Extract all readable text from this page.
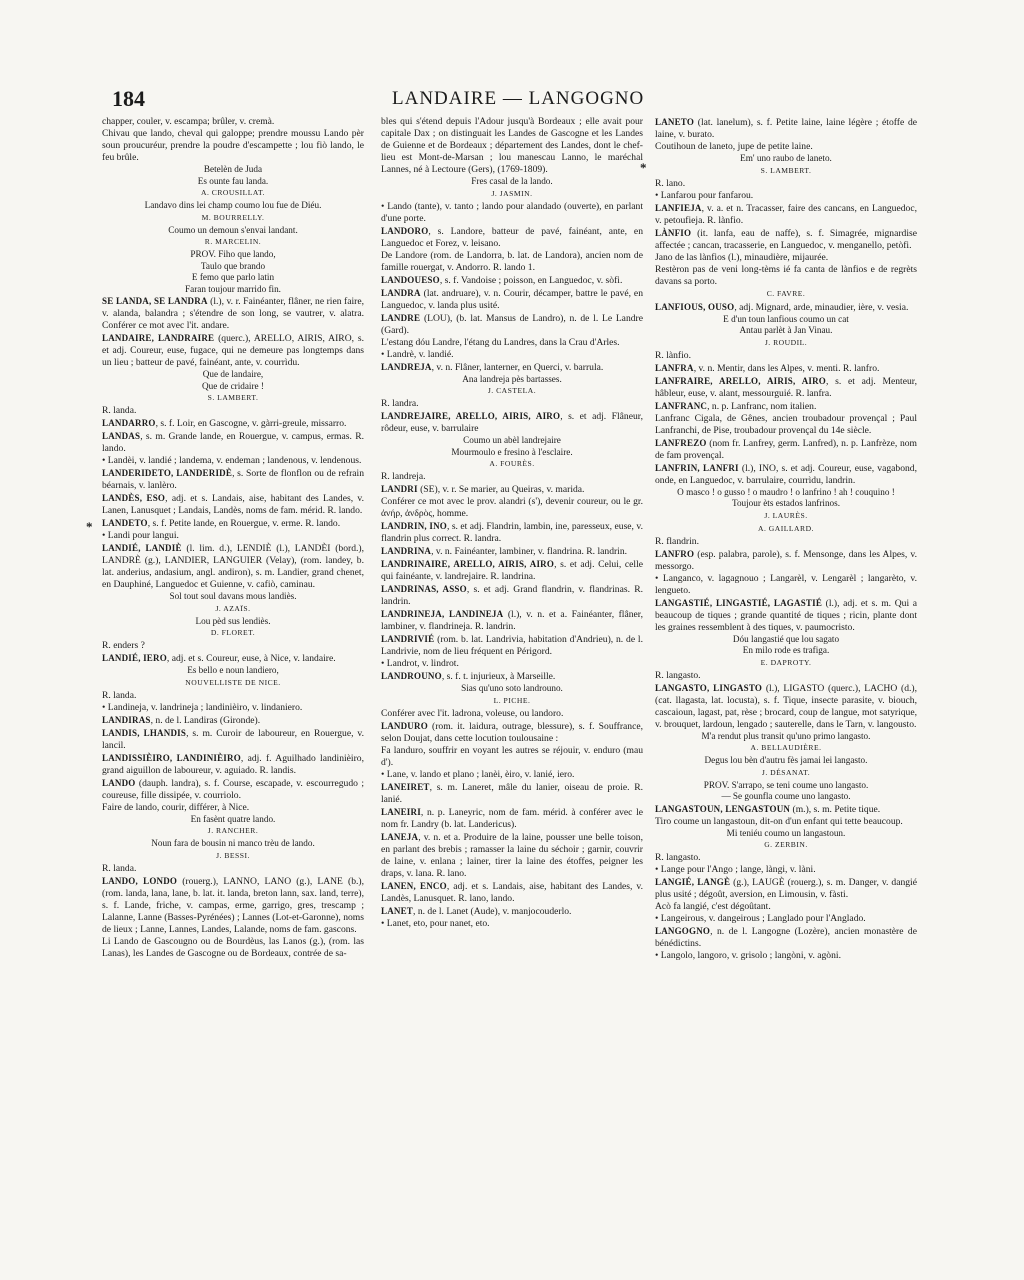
184	LANDAIRE — LANGOGNO
*
*

chapper, couler, v. escampa; brûler, v. cremà.

Chivau que lando, cheval qui galoppe; prendre moussu Lando pèr soun proucuréur, prendre la poudre d'escampette ; lou fiò lando, le feu brûle.

Betelèn de Juda

Es ounte fau landa.

A. CROUSILLAT.

Landavo dins lei champ coumo lou fue de Diéu.

M. BOURRELLY.

Coumo un demoun s'envai landant.

R. MARCELIN.

PROV. Fiho que lando,

Taulo que brando

E femo que parlo latin

Faran toujour marrido fin.

SE LANDA, SE LANDRA (l.), v. r. Fainéanter, flâner, ne rien faire, v. alanda, balandra ; s'étendre de son long, se vautrer, v. alatra. Conférer ce mot avec l'it. andare.

LANDAIRE, LANDRAIRE (querc.), ARELLO, AIRIS, AIRO, s. et adj. Coureur, euse, fugace, qui ne demeure pas longtemps dans un lieu ; batteur de pavé, fainéant, ante, v. courrìdu.

Que de landaire,

Que de cridaire !

S. LAMBERT.

R. landa.

LANDARRO, s. f. Loir, en Gascogne, v. gàrri-greule, missarro.

LANDAS, s. m. Grande lande, en Rouergue, v. campus, ermas. R. lando.

• Landèi, v. landié ; landema, v. endeman ; landenous, v. lendenous.

LANDERIDETO, LANDERIDÈ, s. Sorte de flonflon ou de refrain béarnais, v. lanlèro.

LANDÈS, ESO, adj. et s. Landais, aise, habitant des Landes, v. Lanen, Lanusquet ; Landais, Landès, noms de fam. mérid. R. lando.

LANDETO, s. f. Petite lande, en Rouergue, v. erme. R. lando.

• Landi pour langui.

LANDIÉ, LANDIÈ (l. lim. d.), LENDIÈ (l.), LANDÈI (bord.), LANDRÈ (g.), LANDIER, LANGUIER (Velay), (rom. landey, b. lat. anderius, andasium, angl. andiron), s. m. Landier, grand chenet, en Dauphiné, Languedoc et Guienne, v. cafiò, caminau.

Sol tout soul davans mous landiès.

J. AZAÏS.

Lou pèd sus lendiès.

D. FLORET.

R. enders ?

LANDIÉ, IERO, adj. et s. Coureur, euse, à Nice, v. landaire.

Es bello e noun landiero,

NOUVELLISTE DE NICE.

R. landa.

• Landineja, v. landrineja ; landinièiro, v. lindaniero.

LANDIRAS, n. de l. Landiras (Gironde).

LANDIS, LHANDIS, s. m. Curoir de laboureur, en Rouergue, v. lancil.

LANDISSIÈIRO, LANDINIÈIRO, adj. f. Aguilhado landinièiro, grand aiguillon de laboureur, v. aguiado. R. landis.

LANDO (dauph. landra), s. f. Course, escapade, v. escourregudo ; coureuse, fille dissipée, v. courriolo.

Faire de lando, courir, différer, à Nice.

En fasènt quatre lando.

J. RANCHER.

Noun fara de bousin ni manco trèu de lando.

J. BESSI.

R. landa.

LANDO, LONDO (rouerg.), LANNO, LANO (g.), LANE (b.), (rom. landa, lana, lane, b. lat. it. landa, breton lann, sax. land, terre), s. f. Lande, friche, v. campas, erme, garrigo, gres, trescamp ; Lalanne, Lanne (Basses-Pyrénées) ; Lannes (Lot-et-Garonne), noms de lieux ; Lanne, Lannes, Landes, Lalande, noms de fam. gascons.

Li Lando de Gascougno ou de Bourdèus, las Lanos (g.), (rom. las Lanas), les Landes de Gascogne ou de Bordeaux, contrée de sa-

bles qui s'étend depuis l'Adour jusqu'à Bordeaux ; elle avait pour capitale Dax ; on distinguait les Landes de Gascogne et les Landes de Guienne et de Bordeaux ; département des Landes, dont le chef-lieu est Mont-de-Marsan ; lou manescau Lanno, le maréchal Lannes, né à Lectoure (Gers), (1769-1809).

Fres casal de la lando.

J. JASMIN.

• Lando (tante), v. tanto ; lando pour alandado (ouverte), en parlant d'une porte.

LANDORO, s. Landore, batteur de pavé, fainéant, ante, en Languedoc et Forez, v. leisano.

De Landore (rom. de Landorra, b. lat. de Landora), ancien nom de famille rouergat, v. Andorro. R. lando 1.

LANDOUESO, s. f. Vandoise ; poisson, en Languedoc, v. sòfi.

LANDRA (lat. andruare), v. n. Courir, décamper, battre le pavé, en Languedoc, v. landa plus usité.

LANDRE (LOU), (b. lat. Mansus de Landro), n. de l. Le Landre (Gard).

L'estang dóu Landre, l'étang du Landres, dans la Crau d'Arles.

• Landrè, v. landié.

LANDREJA, v. n. Flâner, lanterner, en Querci, v. barrula.

Ana landreja pès bartasses.

J. CASTELA.

R. landra.

LANDREJAIRE, ARELLO, AIRIS, AIRO, s. et adj. Flâneur, rôdeur, euse, v. barrulaire

Coumo un abèl landrejaire

Mourmoulo e fresino à l'esclaire.

A. FOURÈS.

R. landreja.

LANDRI (SE), v. r. Se marier, au Queiras, v. marida.

Conférer ce mot avec le prov. alandri (s'), devenir coureur, ou le gr. ἀνήρ, ἀνδρὸς, homme.

LANDRIN, INO, s. et adj. Flandrin, lambin, ine, paresseux, euse, v. flandrin plus correct. R. landra.

LANDRINA, v. n. Fainéanter, lambiner, v. flandrina. R. landrin.

LANDRINAIRE, ARELLO, AIRIS, AIRO, s. et adj. Celui, celle qui fainéante, v. landrejaire. R. landrina.

LANDRINAS, ASSO, s. et adj. Grand flandrin, v. flandrinas. R. landrin.

LANDRINEJA, LANDINEJA (l.), v. n. et a. Fainéanter, flâner, lambiner, v. flandrineja. R. landrin.

LANDRIVIÉ (rom. b. lat. Landrivia, habitation d'Andrieu), n. de l. Landrivie, nom de lieu fréquent en Périgord.

• Landrot, v. lindrot.

LANDROUNO, s. f. t. injurieux, à Marseille.

Sias qu'uno soto landrouno.

L. PICHE.

Conférer avec l'it. ladrona, voleuse, ou landoro.

LANDURO (rom. it. laidura, outrage, blessure), s. f. Souffrance, selon Doujat, dans cette locution toulousaine :

Fa landuro, souffrir en voyant les autres se réjouir, v. enduro (mau d').

• Lane, v. lando et plano ; lanèi, èiro, v. lanié, iero.

LANEIRET, s. m. Laneret, mâle du lanier, oiseau de proie. R. lanié.

LANEIRI, n. p. Laneyric, nom de fam. mérid. à conférer avec le nom fr. Landry (b. lat. Landericus).

LANEJA, v. n. et a. Produire de la laine, pousser une belle toison, en parlant des brebis ; ramasser la laine du séchoir ; garnir, couvrir de laine, v. enlana ; lainer, tirer la laine des étoffes, peigner les draps, v. lana. R. lano.

LANEN, ENCO, adj. et s. Landais, aise, habitant des Landes, v. Landès, Lanusquet. R. lano, lando.

LANET, n. de l. Lanet (Aude), v. manjocouderlo.

• Lanet, eto, pour nanet, eto.

LANETO (lat. lanelum), s. f. Petite laine, laine légère ; étoffe de laine, v. burato.

Coutihoun de laneto, jupe de petite laine.

Em' uno raubo de laneto.

S. LAMBERT.

R. lano.

• Lanfarou pour fanfarou.

LANFIEJA, v. a. et n. Tracasser, faire des cancans, en Languedoc, v. petoufieja. R. lànfio.

LÀNFIO (it. lanfa, eau de naffe), s. f. Simagrée, mignardise affectée ; cancan, tracasserie, en Languedoc, v. menganello, petòfi.

Jano de las lànfios (l.), minaudière, mijaurée.

Restèron pas de veni long-tèms ié fa canta de lànfios e de regrèts davans sa porto.

C. FAVRE.

LANFIOUS, OUSO, adj. Mignard, arde, minaudier, ière, v. vesia.

E d'un toun lanfious coumo un cat

Antau parlèt à Jan Vinau.

J. ROUDIL.

R. lànfio.

LANFRA, v. n. Mentir, dans les Alpes, v. menti. R. lanfro.

LANFRAIRE, ARELLO, AIRIS, AIRO, s. et adj. Menteur, hâbleur, euse, v. alant, messourguié. R. lanfra.

LANFRANC, n. p. Lanfranc, nom italien.

Lanfranc Cigala, de Gênes, ancien troubadour provençal ; Paul Lanfranchi, de Pise, troubadour provençal du 14e siècle.

LANFREZO (nom fr. Lanfrey, germ. Lanfred), n. p. Lanfrèze, nom de fam provençal.

LANFRIN, LANFRI (l.), INO, s. et adj. Coureur, euse, vagabond, onde, en Languedoc, v. barrulaire, courrìdu, landrin.

O masco ! o gusso ! o maudro ! o lanfrino ! ah ! couquino !

Toujour èts estados lanfrinos.

J. LAURÈS.

A. GAILLARD.

R. flandrin.

LANFRO (esp. palabra, parole), s. f. Mensonge, dans les Alpes, v. messorgo.

• Langanco, v. lagagnouo ; Langarèl, v. Lengarèl ; langarèto, v. lengueto.

LANGASTIÉ, LINGASTIÉ, LAGASTIÉ (l.), adj. et s. m. Qui a beaucoup de tiques ; grande quantité de tiques ; ricin, plante dont les graines ressemblent à des tiques, v. paumocristo.

Dóu langastié que lou sagato

En milo rode es trafiga.

E. DAPROTY.

R. langasto.

LANGASTO, LINGASTO (l.), LIGASTO (querc.), LACHO (d.), (cat. llagasta, lat. locusta), s. f. Tique, insecte parasite, v. biouch, cascaioun, lagast, pat, rèse ; brocard, coup de langue, mot satyrique, v. brouquet, lardoun, lengado ; sauterelle, dans le Tarn, v. langousto.

M'a rendut plus transit qu'uno primo langasto.

A. BELLAUDIÈRE.

Degus lou bèn d'autru fès jamai lei langasto.

J. DÉSANAT.

PROV. S'arrapo, se teni coume uno langasto.

— Se gounfla coume uno langasto.

LANGASTOUN, LENGASTOUN (m.), s. m. Petite tique.

Tiro coume un langastoun, dit-on d'un enfant qui tette beaucoup.

Mi teniéu coumo un langastoun.

G. ZERBIN.

R. langasto.

• Lange pour l'Ango ; lange, làngi, v. làni.

LANGIÉ, LANGÈ (g.), LAUGÈ (rouerg.), s. m. Danger, v. dangié plus usité ; dégoût, aversion, en Limousin, v. fàsti.

Acò fa langié, c'est dégoûtant.

• Langeirous, v. dangeirous ; Langlado pour l'Anglado.

LANGOGNO, n. de l. Langogne (Lozère), ancien monastère de bénédictins.

• Langolo, langoro, v. grisolo ; langòni, v. agòni.
